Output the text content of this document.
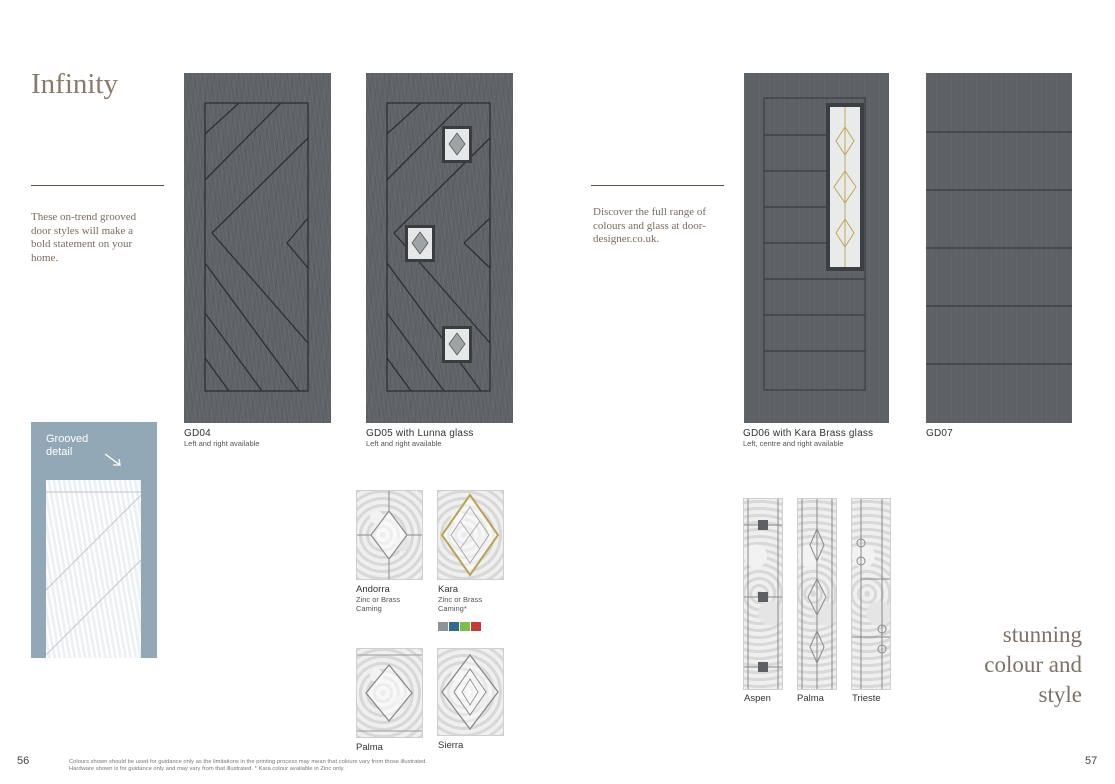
Infinity
These on-trend grooved door styles will make a bold statement on your home.
Grooved detail
GD04
Left and right available
GD05 with Lunna glass
Left and right available
Andorra
Zinc or Brass
Caming
Kara
Zinc or Brass
Caming*
Palma	Sierra
56	Colours shown should be used for guidance only as the limitations in the printing process may mean that colours vary from those illustrated.
Hardware shown is for guidance only and may vary from that illustrated. * Kara colour available in Zinc only.
Discover the full range of colours and glass at door-designer.co.uk.
GD06 with Kara Brass glass
Left, centre and right available
GD07
Aspen	Palma	Trieste
stunning
colour and
style
57
